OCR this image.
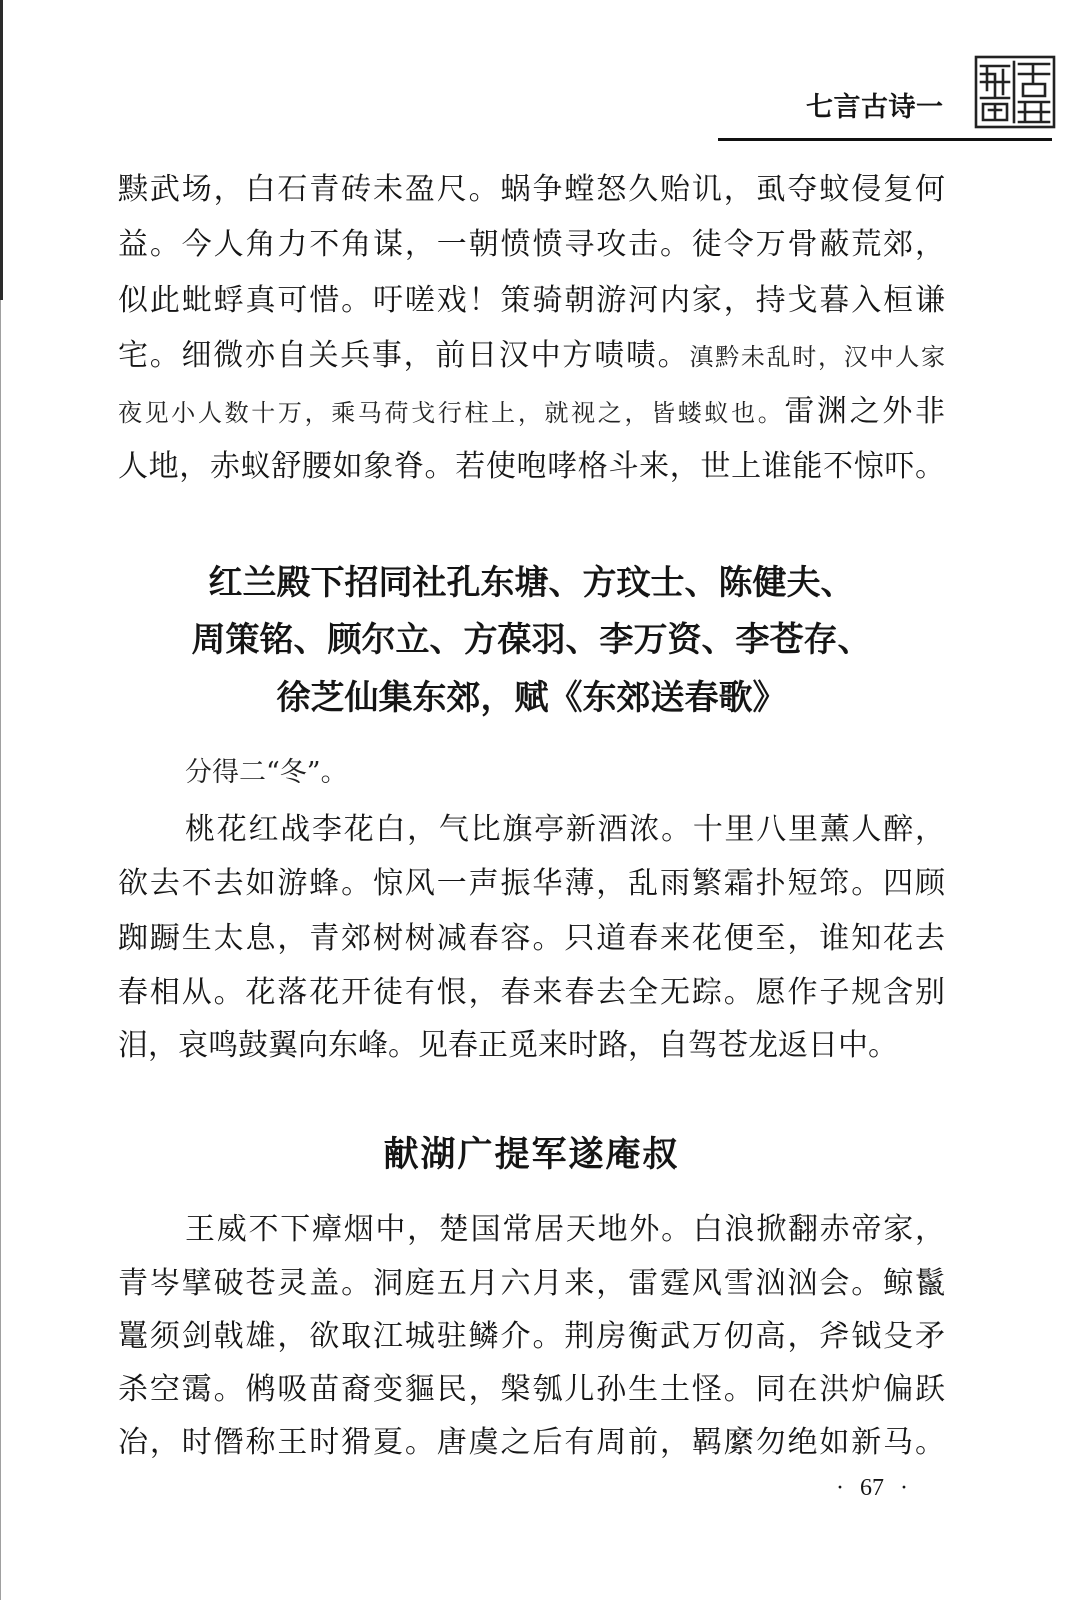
七言古诗一
黩武场，白石青砖未盈尺。蜗争螳怒久贻讥，虱夺蚊侵复何
益。今人角力不角谋，一朝愤愤寻攻击。徒令万骨蔽荒郊，
似此蚍蜉真可惜。吁嗟戏！策骑朝游河内家，持戈暮入桓谦
宅。细微亦自关兵事，前日汉中方啧啧。滇黔未乱时，汉中人家
夜见小人数十万，乘马荷戈行柱上，就视之，皆蝼蚁也。雷渊之外非
人地，赤蚁舒腰如象脊。若使咆哮格斗来，世上谁能不惊吓。
红兰殿下招同社孔东塘、方玟士、陈健夫、
周策铭、顾尔立、方葆羽、李万资、李苍存、
徐芝仙集东郊，赋《东郊送春歌》
分得二“冬”。
桃花红战李花白，气比旗亭新酒浓。十里八里薰人醉，
欲去不去如游蜂。惊风一声振华薄，乱雨繁霜扑短筇。四顾
踟蹰生太息，青郊树树减春容。只道春来花便至，谁知花去
春相从。花落花开徒有恨，春来春去全无踪。愿作子规含别
泪，哀鸣鼓翼向东峰。见春正觅来时路，自驾苍龙返日中。
献湖广提军遂庵叔
王威不下瘴烟中，楚国常居天地外。白浪掀翻赤帝家，
青岑擘破苍灵盖。洞庭五月六月来，雷霆风雪汹汹会。鲸鬣
鼍须剑戟雄，欲取江城驻鳞介。荆房衡武万仞高，斧钺殳矛
杀空霭。鸺吸苗裔变貙民，槃瓠儿孙生土怪。同在洪炉偏跃
冶，时僭称王时猾夏。唐虞之后有周前，羁縻勿绝如新马。
· 67 ·
